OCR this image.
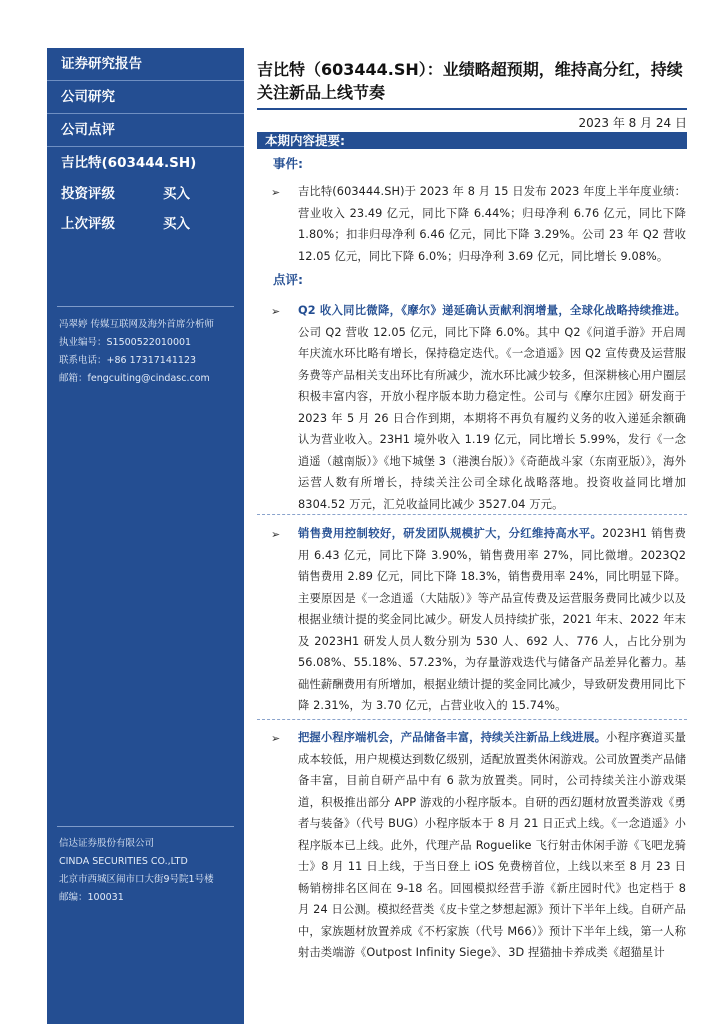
证券研究报告
公司研究
公司点评
吉比特(603444.SH)
投资评级	买入
上次评级	买入
冯翠婷 传媒互联网及海外首席分析师
执业编号：S1500522010001
联系电话：+86 17317141123
邮箱：fengcuiting@cindasc.com
信达证券股份有限公司
CINDA SECURITIES CO.,LTD
北京市西城区闹市口大街9号院1号楼
邮编：100031
吉比特（603444.SH）：业绩略超预期，维持高分红，持续关注新品上线节奏
2023 年 8 月 24 日
本期内容提要:
事件:
➢ 吉比特(603444.SH)于 2023 年 8 月 15 日发布 2023 年度上半年度业绩：营业收入 23.49 亿元，同比下降 6.44%；归母净利 6.76 亿元，同比下降 1.80%；扣非归母净利 6.46 亿元，同比下降 3.29%。公司 23 年 Q2 营收 12.05 亿元，同比下降 6.0%；归母净利 3.69 亿元，同比增长 9.08%。
点评:
➢ Q2 收入同比微降，《摩尔》递延确认贡献利润增量，全球化战略持续推进。公司 Q2 营收 12.05 亿元，同比下降 6.0%。其中 Q2《问道手游》开启周年庆流水环比略有增长，保持稳定迭代。《一念逍遥》因 Q2 宣传费及运营服务费等产品相关支出环比有所减少，流水环比减少较多，但深耕核心用户圈层积极丰富内容，开放小程序版本助力稳定性。公司与《摩尔庄园》研发商于 2023 年 5 月 26 日合作到期，本期将不再负有履约义务的收入递延余额确认为营业收入。23H1 境外收入 1.19 亿元，同比增长 5.99%，发行《一念逍遥（越南版）》《地下城堡 3（港澳台版）》《奇葩战斗家（东南亚版）》，海外运营人数有所增长，持续关注公司全球化战略落地。投资收益同比增加 8304.52 万元，汇兑收益同比减少 3527.04 万元。
➢ 销售费用控制较好，研发团队规模扩大，分红维持高水平。2023H1 销售费用 6.43 亿元，同比下降 3.90%，销售费用率 27%，同比微增。2023Q2 销售费用 2.89 亿元，同比下降 18.3%，销售费用率 24%，同比明显下降。主要原因是《一念逍遥（大陆版）》等产品宣传费及运营服务费同比减少以及根据业绩计提的奖金同比减少。研发人员持续扩张，2021 年末、2022 年末及 2023H1 研发人员人数分别为 530 人、692 人、776 人，占比分别为 56.08%、55.18%、57.23%，为存量游戏迭代与储备产品差异化蓄力。基础性薪酬费用有所增加，根据业绩计提的奖金同比减少，导致研发费用同比下降 2.31%，为 3.70 亿元，占营业收入的 15.74%。
➢ 把握小程序端机会，产品储备丰富，持续关注新品上线进展。小程序赛道买量成本较低，用户规模达到数亿级别，适配放置类休闲游戏。公司放置类产品储备丰富，目前自研产品中有 6 款为放置类。同时，公司持续关注小游戏渠道，积极推出部分 APP 游戏的小程序版本。自研的西幻题材放置类游戏《勇者与装备》（代号 BUG）小程序版本于 8 月 21 日正式上线。《一念逍遥》小程序版本已上线。此外，代理产品 Roguelike 飞行射击休闲手游《飞吧龙骑士》8 月 11 日上线，于当日登上 iOS 免费榜首位，上线以来至 8 月 23 日畅销榜排名区间在 9-18 名。回囤模拟经营手游《新庄园时代》也定档于 8 月 24 日公测。模拟经营类《皮卡堂之梦想起源》预计下半年上线。自研产品中，家族题材放置养成《不朽家族（代号 M66）》预计下半年上线，第一人称射击类端游《Outpost Infinity Siege》、3D 捏猫抽卡养成类《超猫星计
